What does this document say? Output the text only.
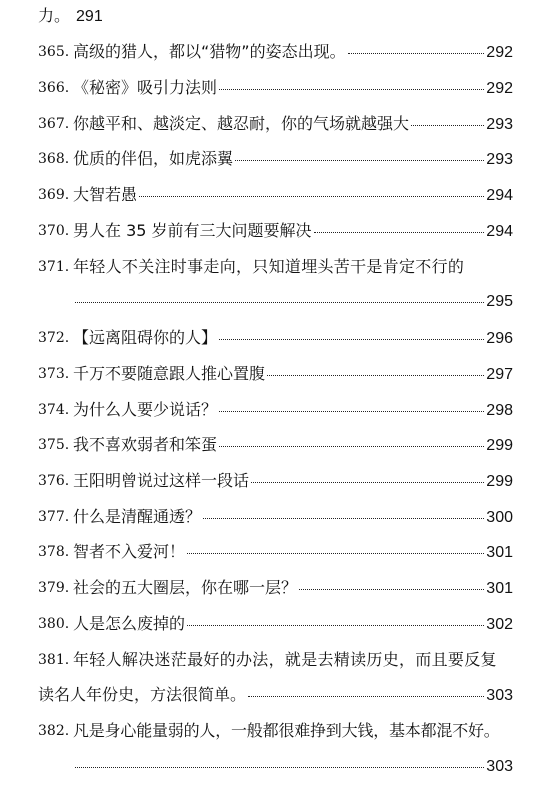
力。 291
365. 高级的猎人，都以“猎物”的姿态出现。	292
366. 《秘密》吸引力法则	292
367. 你越平和、越淡定、越忍耐，你的气场就越强大	293
368. 优质的伴侣，如虎添翼	293
369. 大智若愚	294
370. 男人在 35 岁前有三大问题要解决	294
371. 年轻人不关注时事走向，只知道埋头苦干是肯定不行的
295
372. 【远离阻碍你的人】	296
373. 千万不要随意跟人推心置腹	297
374. 为什么人要少说话？	298
375. 我不喜欢弱者和笨蛋	299
376. 王阳明曾说过这样一段话	299
377. 什么是清醒通透？	300
378. 智者不入爱河！	301
379. 社会的五大圈层，你在哪一层？	301
380. 人是怎么废掉的	302
381. 年轻人解决迷茫最好的办法，就是去精读历史，而且要反复
读名人年份史，方法很简单。	303
382. 凡是身心能量弱的人，一般都很难挣到大钱，基本都混不好。
303
